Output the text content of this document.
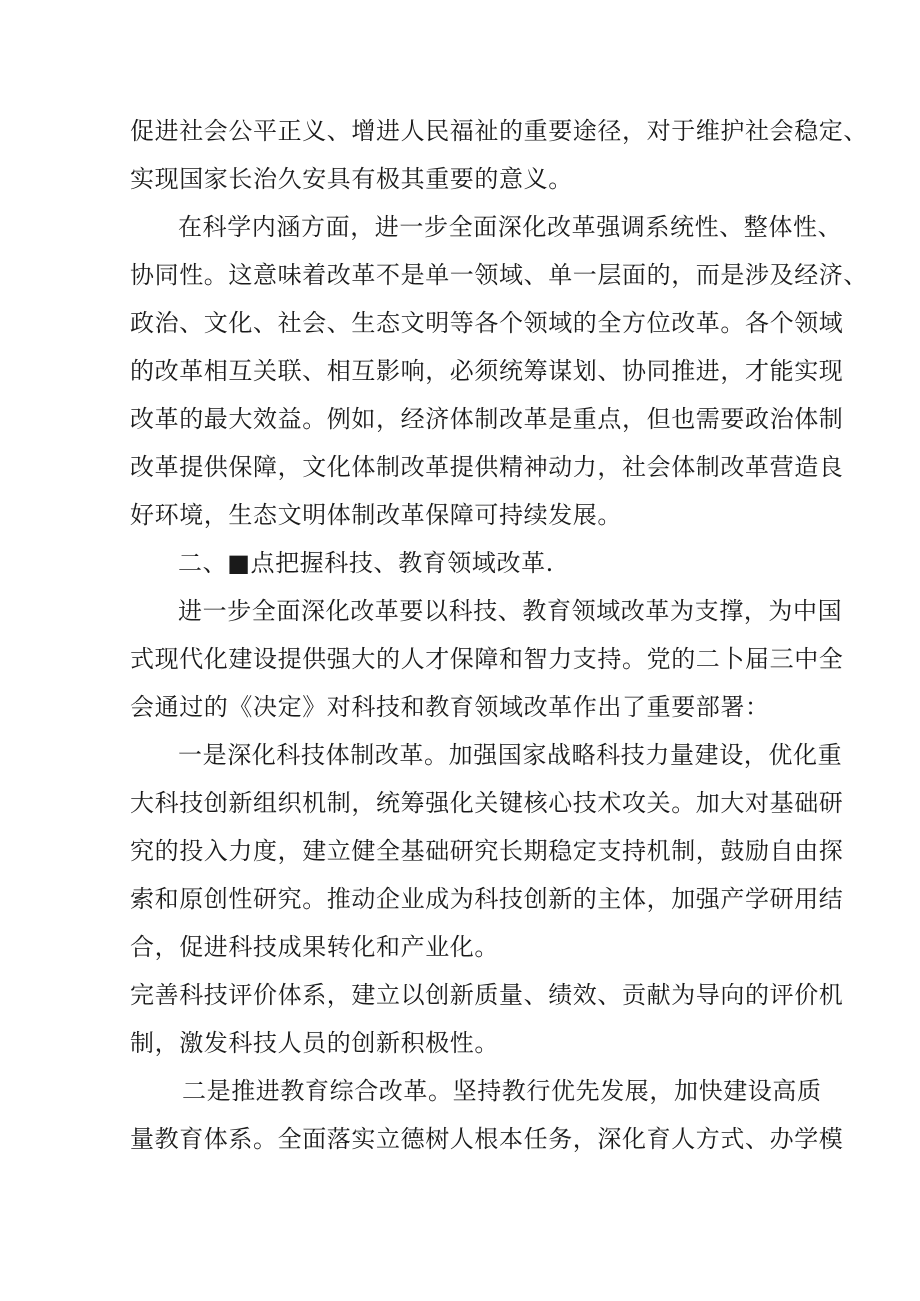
促进社会公平正义、增进人民福祉的重要途径，对于维护社会稳定、
实现国家长治久安具有极其重要的意义。
在科学内涵方面，进一步全面深化改革强调系统性、整体性、
协同性。这意味着改革不是单一领域、单一层面的，而是涉及经济、
政治、文化、社会、生态文明等各个领域的全方位改革。各个领域
的改革相互关联、相互影响，必须统筹谋划、协同推进，才能实现
改革的最大效益。例如，经济体制改革是重点，但也需要政治体制
改革提供保障，文化体制改革提供精神动力，社会体制改革营造良
好环境，生态文明体制改革保障可持续发展。
二、■点把握科技、教育领域改革.
进一步全面深化改革要以科技、教育领域改革为支撑，为中国
式现代化建设提供强大的人才保障和智力支持。党的二卜届三中全
会通过的《决定》对科技和教育领域改革作出了重要部署：
一是深化科技体制改革。加强国家战略科技力量建设，优化重
大科技创新组织机制，统筹强化关键核心技术攻关。加大对基础研
究的投入力度，建立健全基础研究长期稳定支持机制，鼓励自由探
索和原创性研究。推动企业成为科技创新的主体，加强产学研用结
合，促进科技成果转化和产业化。
完善科技评价体系，建立以创新质量、绩效、贡献为导向的评价机
制，激发科技人员的创新积极性。
二是推进教育综合改革。坚持教行优先发展，加快建设高质
量教育体系。全面落实立德树人根本任务，深化育人方式、办学模
